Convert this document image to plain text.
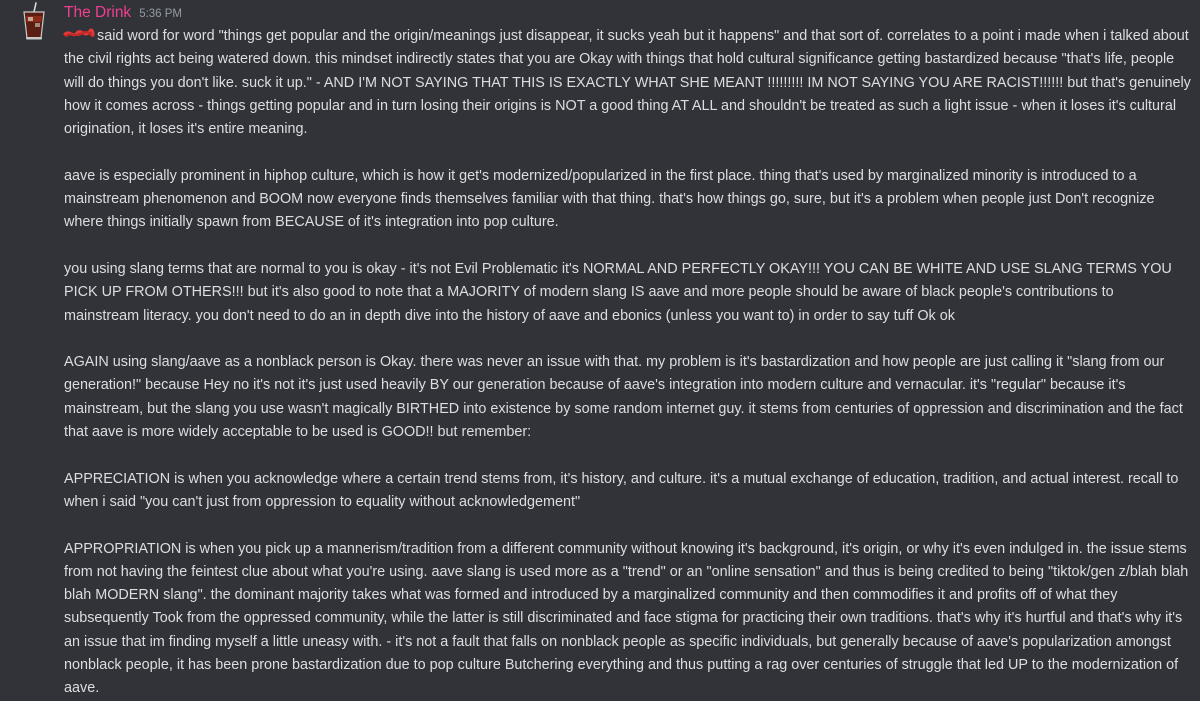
The Drink 5:36 PM

said word for word "things get popular and the origin/meanings just disappear, it sucks yeah but it happens" and that sort of. correlates to a point i made when i talked about the civil rights act being watered down. this mindset indirectly states that you are Okay with things that hold cultural significance getting bastardized because "that's life, people will do things you don't like. suck it up." - AND I'M NOT SAYING THAT THIS IS EXACTLY WHAT SHE MEANT !!!!!!!!! IM NOT SAYING YOU ARE RACIST!!!!!! but that's genuinely how it comes across - things getting popular and in turn losing their origins is NOT a good thing AT ALL and shouldn't be treated as such a light issue - when it loses it's cultural origination, it loses it's entire meaning.

aave is especially prominent in hiphop culture, which is how it get's modernized/popularized in the first place. thing that's used by marginalized minority is introduced to a mainstream phenomenon and BOOM now everyone finds themselves familiar with that thing. that's how things go, sure, but it's a problem when people just Don't recognize where things initially spawn from BECAUSE of it's integration into pop culture.

you using slang terms that are normal to you is okay - it's not Evil Problematic it's NORMAL AND PERFECTLY OKAY!!! YOU CAN BE WHITE AND USE SLANG TERMS YOU PICK UP FROM OTHERS!!! but it's also good to note that a MAJORITY of modern slang IS aave and more people should be aware of black people's contributions to mainstream literacy. you don't need to do an in depth dive into the history of aave and ebonics (unless you want to) in order to say tuff Ok ok

AGAIN using slang/aave as a nonblack person is Okay. there was never an issue with that. my problem is it's bastardization and how people are just calling it "slang from our generation!" because Hey no it's not it's just used heavily BY our generation because of aave's integration into modern culture and vernacular. it's "regular" because it's mainstream, but the slang you use wasn't magically BIRTHED into existence by some random internet guy. it stems from centuries of oppression and discrimination and the fact that aave is more widely acceptable to be used is GOOD!! but remember:

APPRECIATION is when you acknowledge where a certain trend stems from, it's history, and culture. it's a mutual exchange of education, tradition, and actual interest. recall to when i said "you can't just from oppression to equality without acknowledgement"

APPROPRIATION is when you pick up a mannerism/tradition from a different community without knowing it's background, it's origin, or why it's even indulged in. the issue stems from not having the feintest clue about what you're using. aave slang is used more as a "trend" or an "online sensation" and thus is being credited to being "tiktok/gen z/blah blah blah MODERN slang". the dominant majority takes what was formed and introduced by a marginalized community and then commodifies it and profits off of what they subsequently Took from the oppressed community, while the latter is still discriminated and face stigma for practicing their own traditions. that's why it's hurtful and that's why it's an issue that im finding myself a little uneasy with. - it's not a fault that falls on nonblack people as specific individuals, but generally because of aave's popularization amongst nonblack people, it has been prone bastardization due to pop culture Butchering everything and thus putting a rag over centuries of struggle that led UP to the modernization of aave.
